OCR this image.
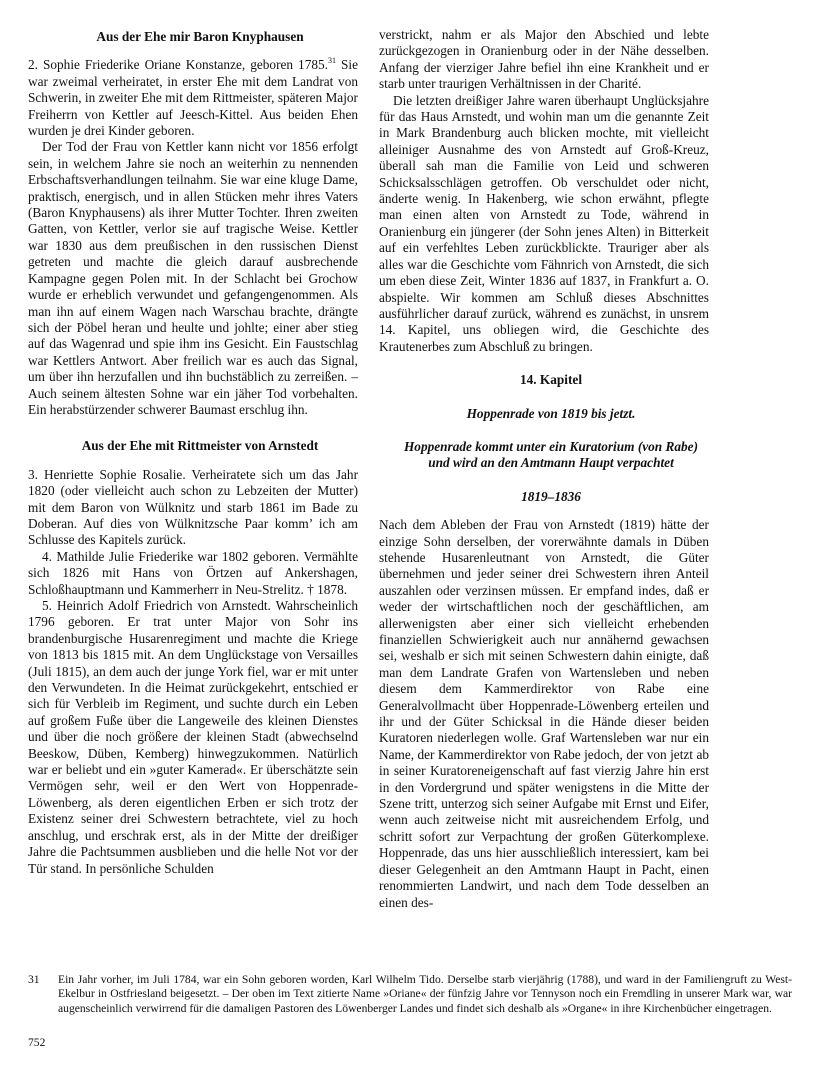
Aus der Ehe mir Baron Knyphausen

2. Sophie Friederike Oriane Konstanze, geboren 1785.31 Sie war zweimal verheiratet, in erster Ehe mit dem Landrat von Schwerin, in zweiter Ehe mit dem Rittmeister, späteren Major Freiherrn von Kettler auf Jeesch-Kittel. Aus beiden Ehen wurden je drei Kinder geboren.

Der Tod der Frau von Kettler kann nicht vor 1856 erfolgt sein, in welchem Jahre sie noch an weiterhin zu nennenden Erbschaftsverhandlungen teilnahm. Sie war eine kluge Dame, praktisch, energisch, und in allen Stücken mehr ihres Vaters (Baron Knyphausens) als ihrer Mutter Tochter. Ihren zweiten Gatten, von Kettler, verlor sie auf tragische Weise. Kettler war 1830 aus dem preußischen in den russischen Dienst getreten und machte die gleich darauf ausbrechende Kampagne gegen Polen mit. In der Schlacht bei Grochow wurde er erheblich verwundet und gefangengenommen. Als man ihn auf einem Wagen nach Warschau brachte, drängte sich der Pöbel heran und heulte und johlte; einer aber stieg auf das Wagenrad und spie ihm ins Gesicht. Ein Faustschlag war Kettlers Antwort. Aber freilich war es auch das Signal, um über ihn herzufallen und ihn buchstäblich zu zerreißen. – Auch seinem ältesten Sohne war ein jäher Tod vorbehalten. Ein herabstürzender schwerer Baumast erschlug ihn.

Aus der Ehe mit Rittmeister von Arnstedt

3. Henriette Sophie Rosalie. Verheiratete sich um das Jahr 1820 (oder vielleicht auch schon zu Lebzeiten der Mutter) mit dem Baron von Wülknitz und starb 1861 im Bade zu Doberan. Auf dies von Wülknitzsche Paar komm’ ich am Schlusse des Kapitels zurück.

4. Mathilde Julie Friederike war 1802 geboren. Vermählte sich 1826 mit Hans von Örtzen auf Ankershagen, Schloßhauptmann und Kammerherr in Neu-Strelitz. † 1878.

5. Heinrich Adolf Friedrich von Arnstedt. Wahrscheinlich 1796 geboren. Er trat unter Major von Sohr ins brandenburgische Husarenregiment und machte die Kriege von 1813 bis 1815 mit. An dem Unglückstage von Versailles (Juli 1815), an dem auch der junge York fiel, war er mit unter den Verwundeten. In die Heimat zurückgekehrt, entschied er sich für Verbleib im Regiment, und suchte durch ein Leben auf großem Fuße über die Langeweile des kleinen Dienstes und über die noch größere der kleinen Stadt (abwechselnd Beeskow, Düben, Kemberg) hinwegzukommen. Natürlich war er beliebt und ein »guter Kamerad«. Er überschätzte sein Vermögen sehr, weil er den Wert von Hoppenrade-Löwenberg, als deren eigentlichen Erben er sich trotz der Existenz seiner drei Schwestern betrachtete, viel zu hoch anschlug, und erschrak erst, als in der Mitte der dreißiger Jahre die Pachtsummen ausblieben und die helle Not vor der Tür stand. In persönliche Schulden

verstrickt, nahm er als Major den Abschied und lebte zurückgezogen in Oranienburg oder in der Nähe desselben. Anfang der vierziger Jahre befiel ihn eine Krankheit und er starb unter traurigen Verhältnissen in der Charité.

Die letzten dreißiger Jahre waren überhaupt Unglücksjahre für das Haus Arnstedt, und wohin man um die genannte Zeit in Mark Brandenburg auch blicken mochte, mit vielleicht alleiniger Ausnahme des von Arnstedt auf Groß-Kreuz, überall sah man die Familie von Leid und schweren Schicksalsschlägen getroffen. Ob verschuldet oder nicht, änderte wenig. In Hakenberg, wie schon erwähnt, pflegte man einen alten von Arnstedt zu Tode, während in Oranienburg ein jüngerer (der Sohn jenes Alten) in Bitterkeit auf ein verfehltes Leben zurückblickte. Trauriger aber als alles war die Geschichte vom Fähnrich von Arnstedt, die sich um eben diese Zeit, Winter 1836 auf 1837, in Frankfurt a. O. abspielte. Wir kommen am Schluß dieses Abschnittes ausführlicher darauf zurück, während es zunächst, in unsrem 14. Kapitel, uns obliegen wird, die Geschichte des Krautenerbes zum Abschluß zu bringen.

14. Kapitel

Hoppenrade von 1819 bis jetzt.

Hoppenrade kommt unter ein Kuratorium (von Rabe)

und wird an den Amtmann Haupt verpachtet

1819–1836

Nach dem Ableben der Frau von Arnstedt (1819) hätte der einzige Sohn derselben, der vorerwähnte damals in Düben stehende Husarenleutnant von Arnstedt, die Güter übernehmen und jeder seiner drei Schwestern ihren Anteil auszahlen oder verzinsen müssen. Er empfand indes, daß er weder der wirtschaftlichen noch der geschäftlichen, am allerwenigsten aber einer sich vielleicht erhebenden finanziellen Schwierigkeit auch nur annähernd gewachsen sei, weshalb er sich mit seinen Schwestern dahin einigte, daß man dem Landrate Grafen von Wartensleben und neben diesem dem Kammerdirektor von Rabe eine Generalvollmacht über Hoppenrade-Löwenberg erteilen und ihr und der Güter Schicksal in die Hände dieser beiden Kuratoren niederlegen wolle. Graf Wartensleben war nur ein Name, der Kammerdirektor von Rabe jedoch, der von jetzt ab in seiner Kuratoreneigenschaft auf fast vierzig Jahre hin erst in den Vordergrund und später wenigstens in die Mitte der Szene tritt, unterzog sich seiner Aufgabe mit Ernst und Eifer, wenn auch zeitweise nicht mit ausreichendem Erfolg, und schritt sofort zur Verpachtung der großen Güterkomplexe. Hoppenrade, das uns hier ausschließlich interessiert, kam bei dieser Gelegenheit an den Amtmann Haupt in Pacht, einen renommierten Landwirt, und nach dem Tode desselben an einen des-

31	Ein Jahr vorher, im Juli 1784, war ein Sohn geboren worden, Karl Wilhelm Tido. Derselbe starb vierjährig (1788), und ward in der Familiengruft zu West-Ekelbur in Ostfriesland beigesetzt. – Der oben im Text zitierte Name »Oriane« der fünfzig Jahre vor Tennyson noch ein Fremdling in unserer Mark war, war augenscheinlich verwirrend für die damaligen Pastoren des Löwenberger Landes und findet sich deshalb als »Organe« in ihre Kirchenbücher eingetragen.
752
